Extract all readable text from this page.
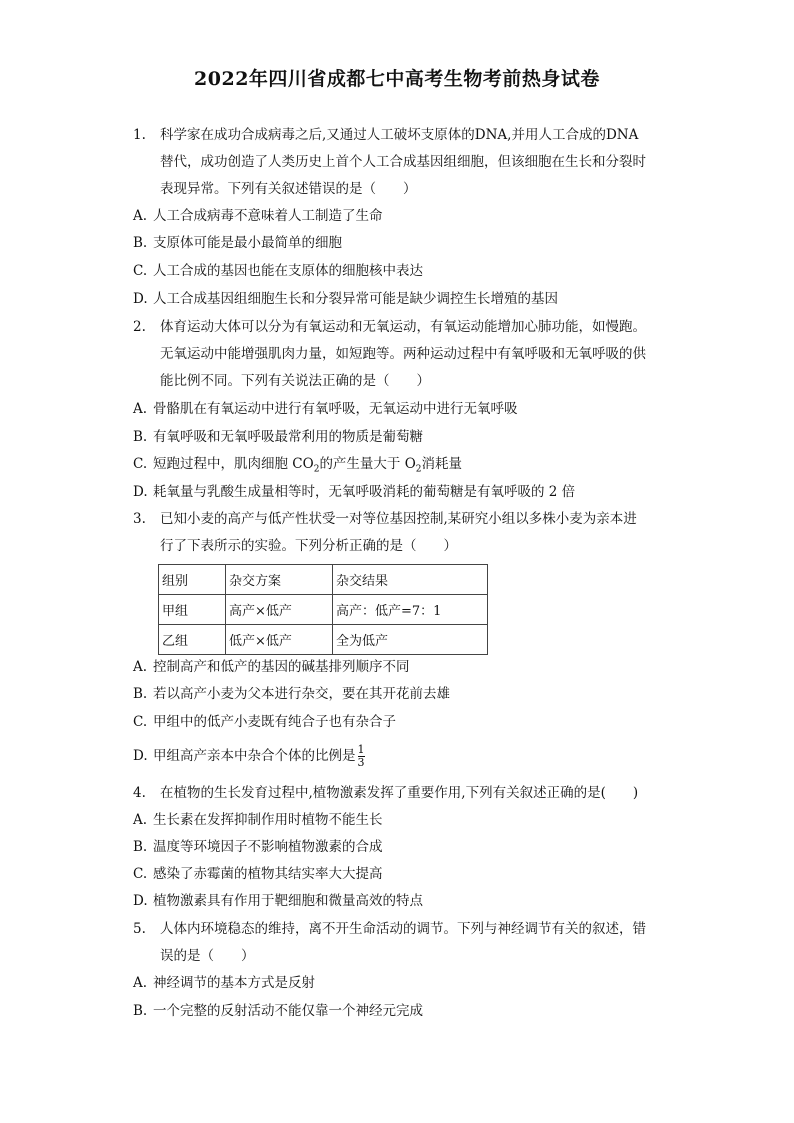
2022年四川省成都七中高考生物考前热身试卷
1.	科学家在成功合成病毒之后,又通过人工破坏支原体的DNA,并用人工合成的DNA
替代，成功创造了人类历史上首个人工合成基因组细胞，但该细胞在生长和分裂时
表现异常。下列有关叙述错误的是（　　）
A. 人工合成病毒不意味着人工制造了生命
B. 支原体可能是最小最简单的细胞
C. 人工合成的基因也能在支原体的细胞核中表达
D. 人工合成基因组细胞生长和分裂异常可能是缺少调控生长增殖的基因
2.	体育运动大体可以分为有氧运动和无氧运动，有氧运动能增加心肺功能，如慢跑。
无氧运动中能增强肌肉力量，如短跑等。两种运动过程中有氧呼吸和无氧呼吸的供
能比例不同。下列有关说法正确的是（　　）
A. 骨骼肌在有氧运动中进行有氧呼吸，无氧运动中进行无氧呼吸
B. 有氧呼吸和无氧呼吸最常利用的物质是葡萄糖
C. 短跑过程中，肌肉细胞 $CO_2$的产生量大于 $O_2$消耗量
D. 耗氧量与乳酸生成量相等时，无氧呼吸消耗的葡萄糖是有氧呼吸的 2 倍
3.	已知小麦的高产与低产性状受一对等位基因控制,某研究小组以多株小麦为亲本进
行了下表所示的实验。下列分析正确的是（　　）
组别	杂交方案	杂交结果
甲组	高产×低产	高产：低产=7：1
乙组	低产×低产	全为低产
A. 控制高产和低产的基因的碱基排列顺序不同
B. 若以高产小麦为父本进行杂交，要在其开花前去雄
C. 甲组中的低产小麦既有纯合子也有杂合子
D. 甲组高产亲本中杂合个体的比例是 $\frac{1}{3}$
4.	在植物的生长发育过程中,植物激素发挥了重要作用,下列有关叙述正确的是(　　)
A. 生长素在发挥抑制作用时植物不能生长
B. 温度等环境因子不影响植物激素的合成
C. 感染了赤霉菌的植物其结实率大大提高
D. 植物激素具有作用于靶细胞和微量高效的特点
5.	人体内环境稳态的维持，离不开生命活动的调节。下列与神经调节有关的叙述，错
误的是（　　）
A. 神经调节的基本方式是反射
B. 一个完整的反射活动不能仅靠一个神经元完成
